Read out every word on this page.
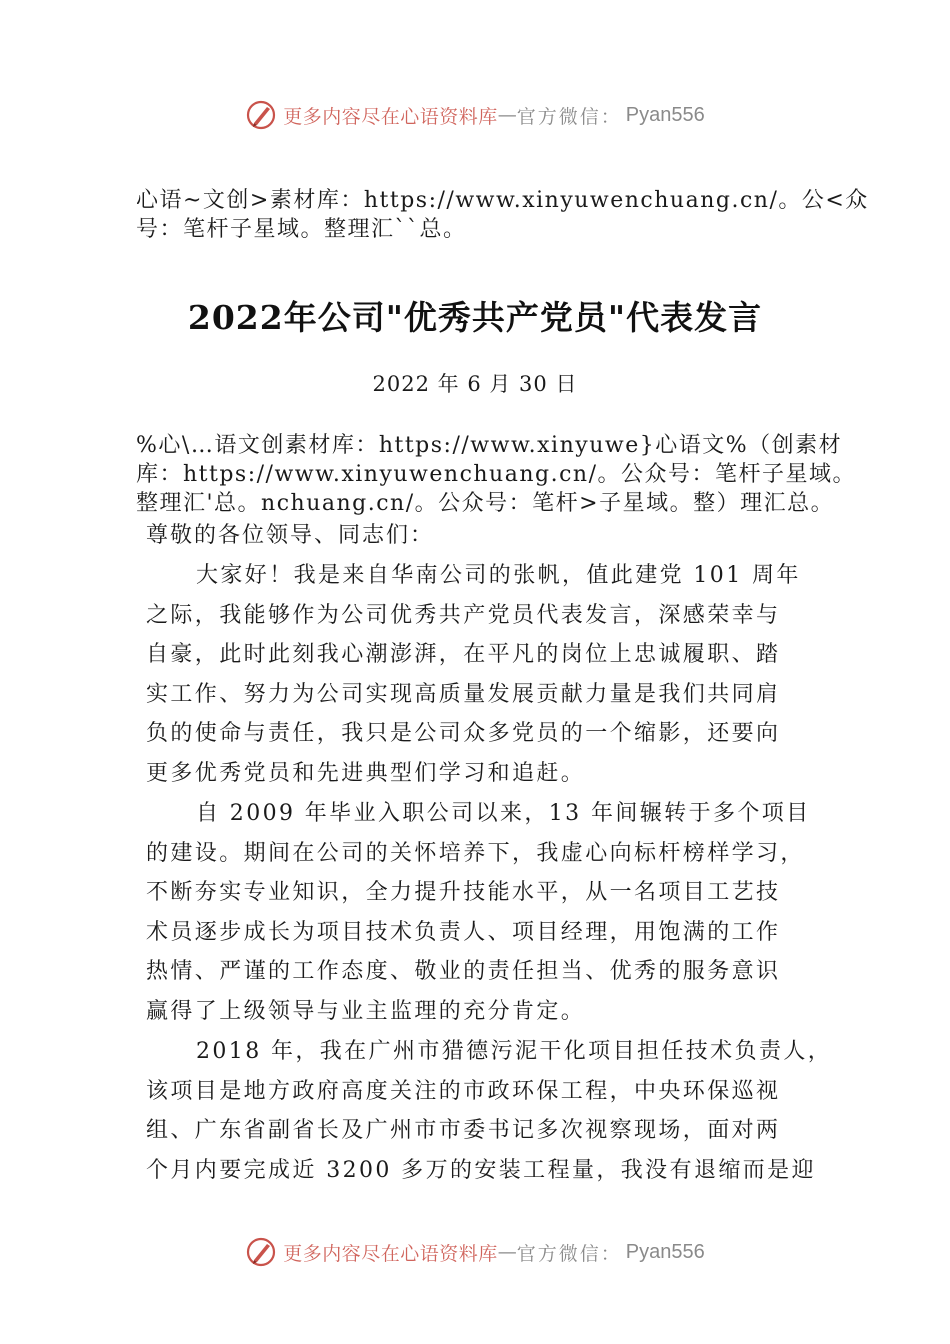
更多内容尽在心语资料库 — 官方微信： Pyan556
心语~文创>素材库：https://www.xinyuwenchuang.cn/。公<众
号：笔杆子星域。整理汇``总。
2022年公司"优秀共产党员"代表发言
2022 年 6 月 30 日
%心\…语文创素材库：https://www.xinyuwe}心语文%（创素材
库：https://www.xinyuwenchuang.cn/。公众号：笔杆子星域。
整理汇'总。nchuang.cn/。公众号：笔杆>子星域。整）理汇总。
尊敬的各位领导、同志们：
大家好！我是来自华南公司的张帆，值此建党 101 周年
之际，我能够作为公司优秀共产党员代表发言，深感荣幸与
自豪，此时此刻我心潮澎湃，在平凡的岗位上忠诚履职、踏
实工作、努力为公司实现高质量发展贡献力量是我们共同肩
负的使命与责任，我只是公司众多党员的一个缩影，还要向
更多优秀党员和先进典型们学习和追赶。
自 2009 年毕业入职公司以来，13 年间辗转于多个项目
的建设。期间在公司的关怀培养下，我虚心向标杆榜样学习，
不断夯实专业知识，全力提升技能水平，从一名项目工艺技
术员逐步成长为项目技术负责人、项目经理，用饱满的工作
热情、严谨的工作态度、敬业的责任担当、优秀的服务意识
赢得了上级领导与业主监理的充分肯定。
2018 年，我在广州市猎德污泥干化项目担任技术负责人，
该项目是地方政府高度关注的市政环保工程，中央环保巡视
组、广东省副省长及广州市市委书记多次视察现场，面对两
个月内要完成近 3200 多万的安装工程量，我没有退缩而是迎
更多内容尽在心语资料库 — 官方微信： Pyan556
